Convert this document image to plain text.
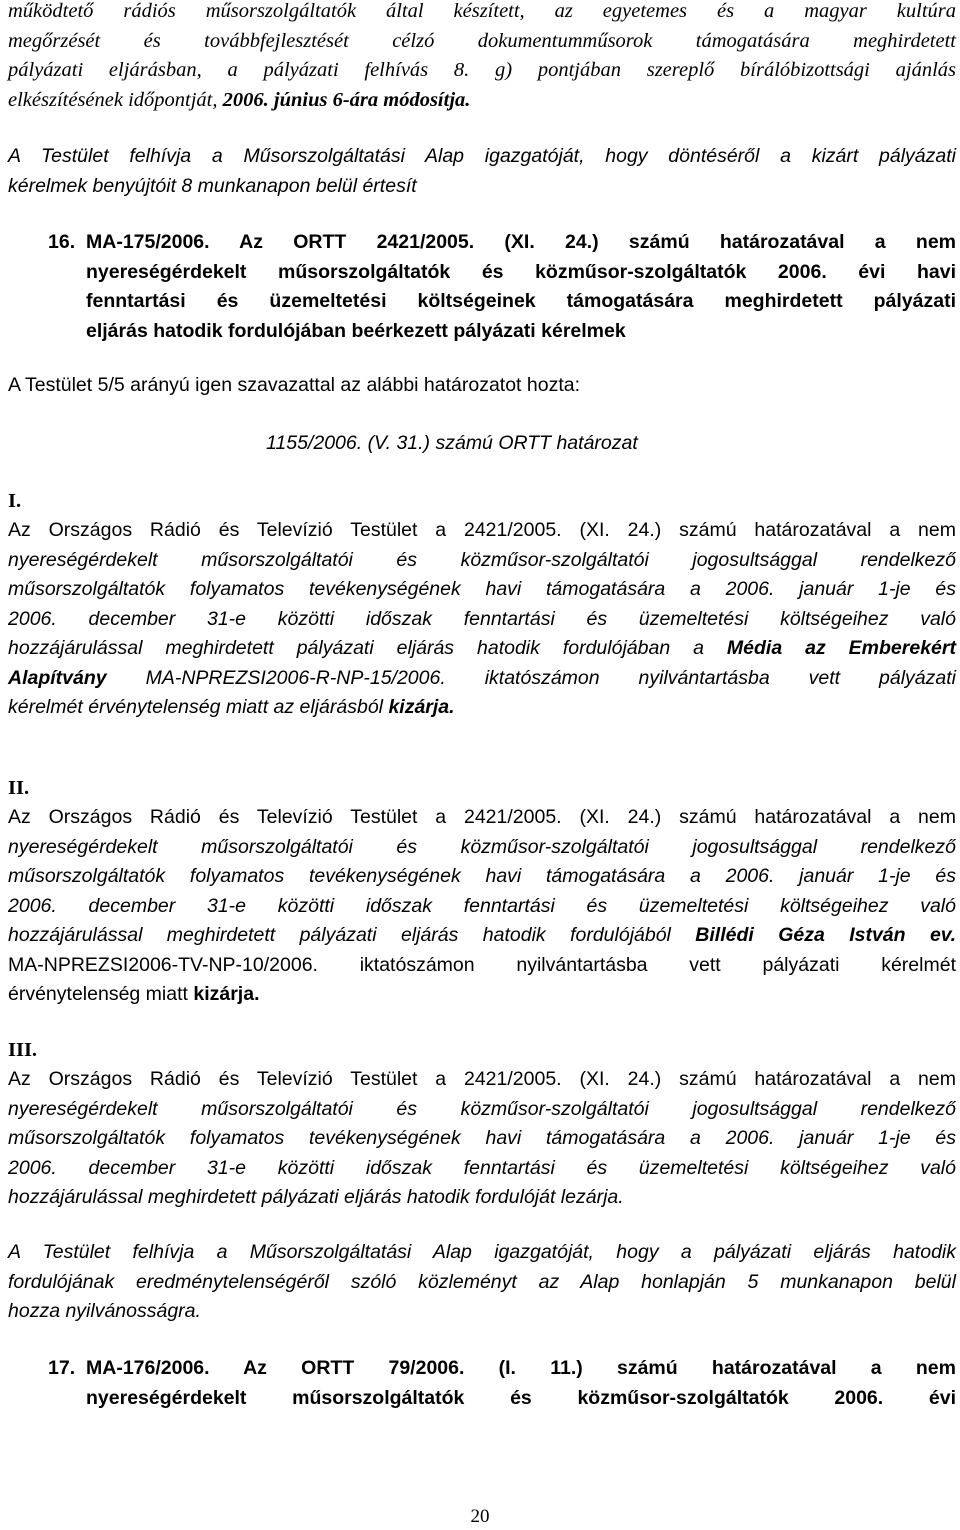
működtető rádiós műsorszolgáltatók által készített, az egyetemes és a magyar kultúra
megőrzését és továbbfejlesztését célzó dokumentumműsorok támogatására meghirdetett
pályázati eljárásban, a pályázati felhívás 8. g) pontjában szereplő bírálóbizottsági ajánlás
elkészítésének időpontját, 2006. június 6-ára módosítja.
A Testület felhívja a Műsorszolgáltatási Alap igazgatóját, hogy döntéséről a kizárt pályázati
kérelmek benyújtóit 8 munkanapon belül értesít
16. MA-175/2006. Az ORTT 2421/2005. (XI. 24.) számú határozatával a nem
nyereségérdekelt műsorszolgáltatók és közműsor-szolgáltatók 2006. évi havi
fenntartási és üzemeltetési költségeinek támogatására meghirdetett pályázati
eljárás hatodik fordulójában beérkezett pályázati kérelmek

A Testület 5/5 arányú igen szavazattal az alábbi határozatot hozta:

1155/2006. (V. 31.) számú ORTT határozat

I.

Az Országos Rádió és Televízió Testület a 2421/2005. (XI. 24.) számú határozatával a nem
nyereségérdekelt műsorszolgáltatói és közműsor-szolgáltatói jogosultsággal rendelkező
műsorszolgáltatók folyamatos tevékenységének havi támogatására a 2006. január 1-je és
2006. december 31-e közötti időszak fenntartási és üzemeltetési költségeihez való
hozzájárulással meghirdetett pályázati eljárás hatodik fordulójában a Média az Emberekért
Alapítvány MA-NPREZSI2006-R-NP-15/2006. iktatószámon nyilvántartásba vett pályázati
kérelmét érvénytelenség miatt az eljárásból kizárja.

II.

Az Országos Rádió és Televízió Testület a 2421/2005. (XI. 24.) számú határozatával a nem
nyereségérdekelt műsorszolgáltatói és közműsor-szolgáltatói jogosultsággal rendelkező
műsorszolgáltatók folyamatos tevékenységének havi támogatására a 2006. január 1-je és
2006. december 31-e közötti időszak fenntartási és üzemeltetési költségeihez való
hozzájárulással meghirdetett pályázati eljárás hatodik fordulójából Billédi Géza István ev.
MA-NPREZSI2006-TV-NP-10/2006. iktatószámon nyilvántartásba vett pályázati kérelmét
érvénytelenség miatt kizárja.

III.

Az Országos Rádió és Televízió Testület a 2421/2005. (XI. 24.) számú határozatával a nem
nyereségérdekelt műsorszolgáltatói és közműsor-szolgáltatói jogosultsággal rendelkező
műsorszolgáltatók folyamatos tevékenységének havi támogatására a 2006. január 1-je és
2006. december 31-e közötti időszak fenntartási és üzemeltetési költségeihez való
hozzájárulással meghirdetett pályázati eljárás hatodik fordulóját lezárja.
A Testület felhívja a Műsorszolgáltatási Alap igazgatóját, hogy a pályázati eljárás hatodik
fordulójának eredménytelenségéről szóló közleményt az Alap honlapján 5 munkanapon belül
hozza nyilvánosságra.
17. MA-176/2006. Az ORTT 79/2006. (I. 11.) számú határozatával a nem
nyereségérdekelt műsorszolgáltatók és közműsor-szolgáltatók 2006. évi

20
